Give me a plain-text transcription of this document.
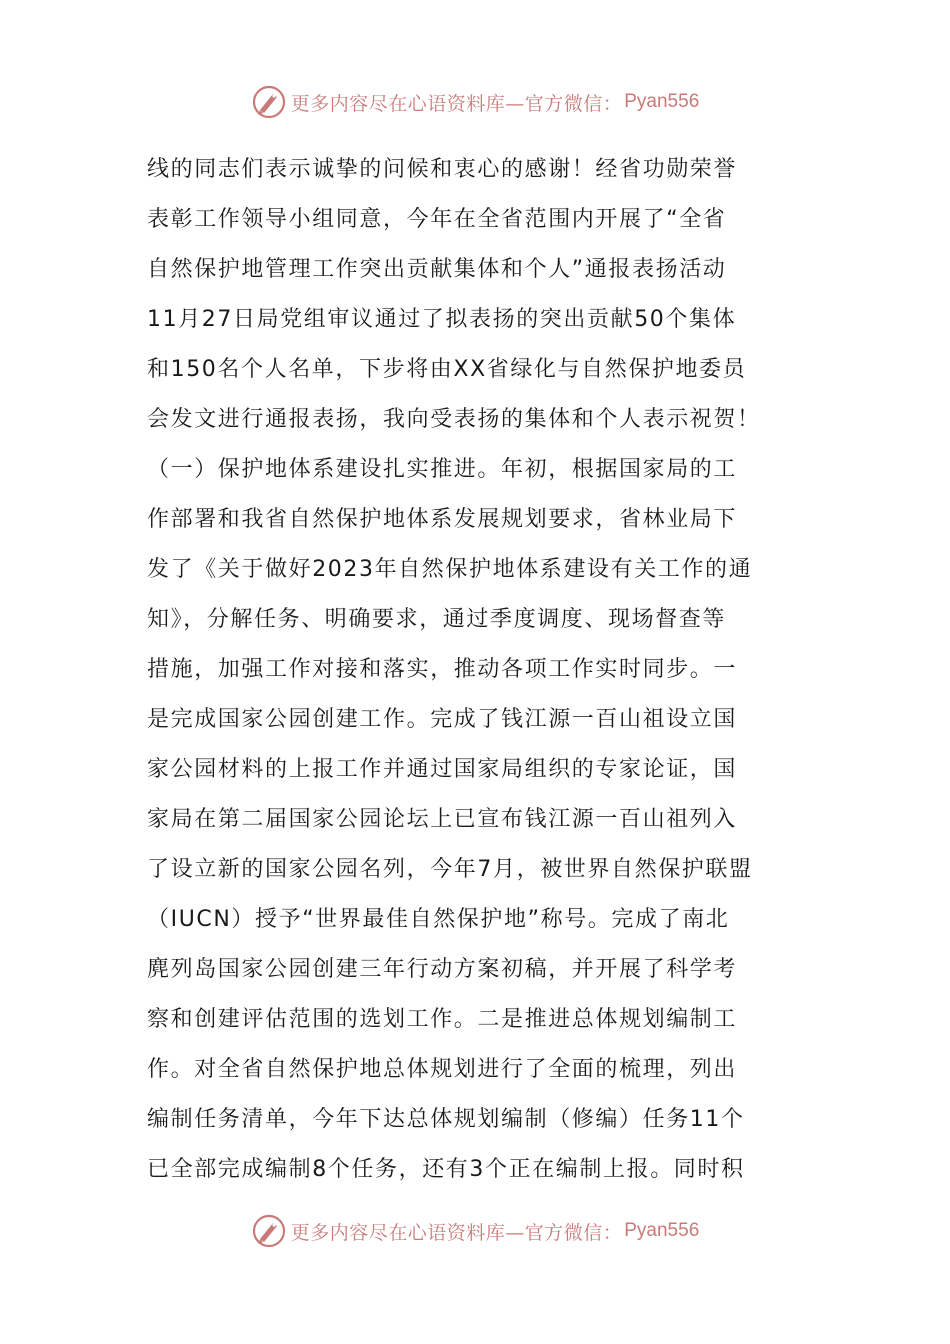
更多内容尽在心语资料库—官方微信： Pyan556
线的同志们表示诚挚的问候和衷心的感谢！经省功勋荣誉
表彰工作领导小组同意，今年在全省范围内开展了“全省
自然保护地管理工作突出贡献集体和个人”通报表扬活动
11月27日局党组审议通过了拟表扬的突出贡献50个集体
和150名个人名单，下步将由XX省绿化与自然保护地委员
会发文进行通报表扬，我向受表扬的集体和个人表示祝贺！
（一）保护地体系建设扎实推进。年初，根据国家局的工
作部署和我省自然保护地体系发展规划要求，省林业局下
发了《关于做好2023年自然保护地体系建设有关工作的通
知》，分解任务、明确要求，通过季度调度、现场督查等
措施，加强工作对接和落实，推动各项工作实时同步。一
是完成国家公园创建工作。完成了钱江源一百山祖设立国
家公园材料的上报工作并通过国家局组织的专家论证，国
家局在第二届国家公园论坛上已宣布钱江源一百山祖列入
了设立新的国家公园名列，今年7月，被世界自然保护联盟
（IUCN）授予“世界最佳自然保护地”称号。完成了南北
麂列岛国家公园创建三年行动方案初稿，并开展了科学考
察和创建评估范围的选划工作。二是推进总体规划编制工
作。对全省自然保护地总体规划进行了全面的梳理，列出
编制任务清单，今年下达总体规划编制（修编）任务11个
已全部完成编制8个任务，还有3个正在编制上报。同时积
更多内容尽在心语资料库—官方微信： Pyan556
